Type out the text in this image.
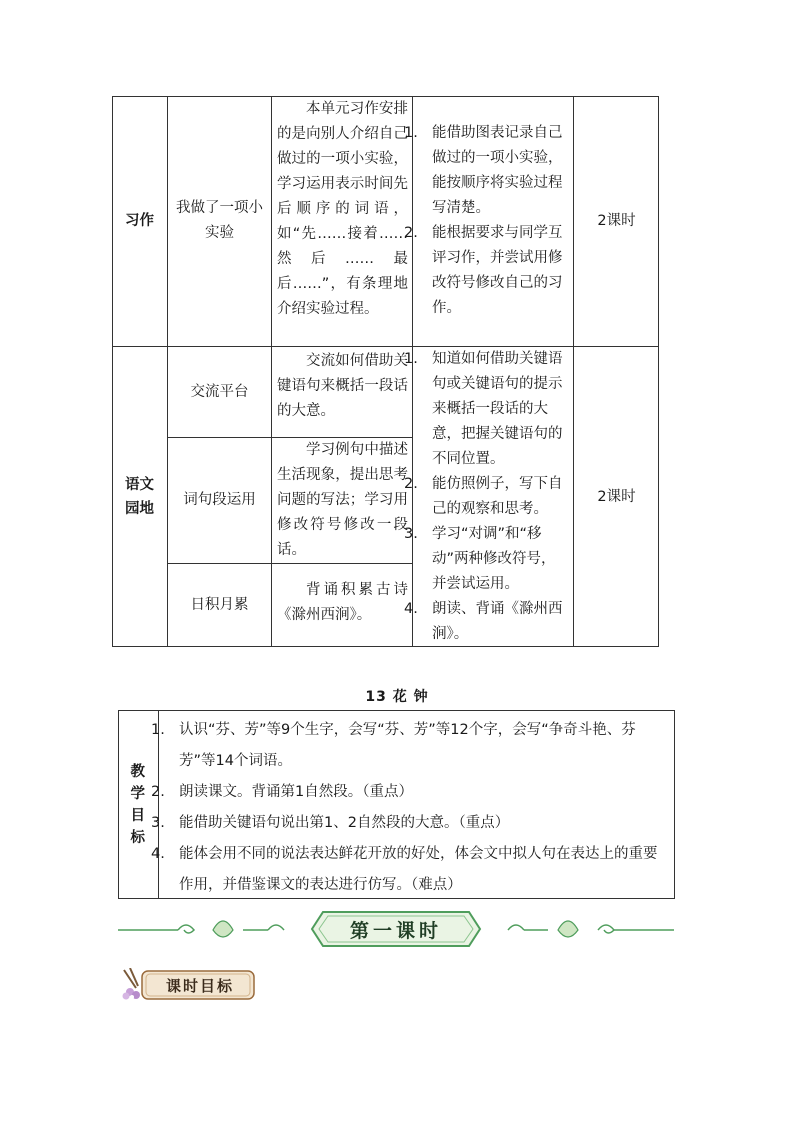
习作
我做了一项小实验
本单元习作安排的是向别人介绍自己做过的一项小实验，学习运用表示时间先后顺序的词语，如“先……接着……然后……最后……”，有条理地介绍实验过程。

1. 能借助图表记录自己做过的一项小实验，能按顺序将实验过程写清楚。

2. 能根据要求与同学互评习作，并尝试用修改符号修改自己的习作。

2课时
语文园地
交流平台
交流如何借助关键语句来概括一段话的大意。
词句段运用
学习例句中描述生活现象，提出思考问题的写法；学习用修改符号修改一段话。
日积月累
背诵积累古诗《滁州西涧》。

1. 知道如何借助关键语句或关键语句的提示来概括一段话的大意，把握关键语句的不同位置。

2. 能仿照例子，写下自己的观察和思考。

3. 学习“对调”和“移动”两种修改符号，并尝试运用。

4. 朗读、背诵《滁州西涧》。

2课时
13 花 钟
教学目标

1. 认识“芬、芳”等9个生字，会写“芬、芳”等12个字，会写“争奇斗艳、芬芳”等14个词语。

2. 朗读课文。背诵第1自然段。（重点）

3. 能借助关键语句说出第1、2自然段的大意。（重点）

4. 能体会用不同的说法表达鲜花开放的好处，体会文中拟人句在表达上的重要作用，并借鉴课文的表达进行仿写。（难点）

第一课时
课时目标
